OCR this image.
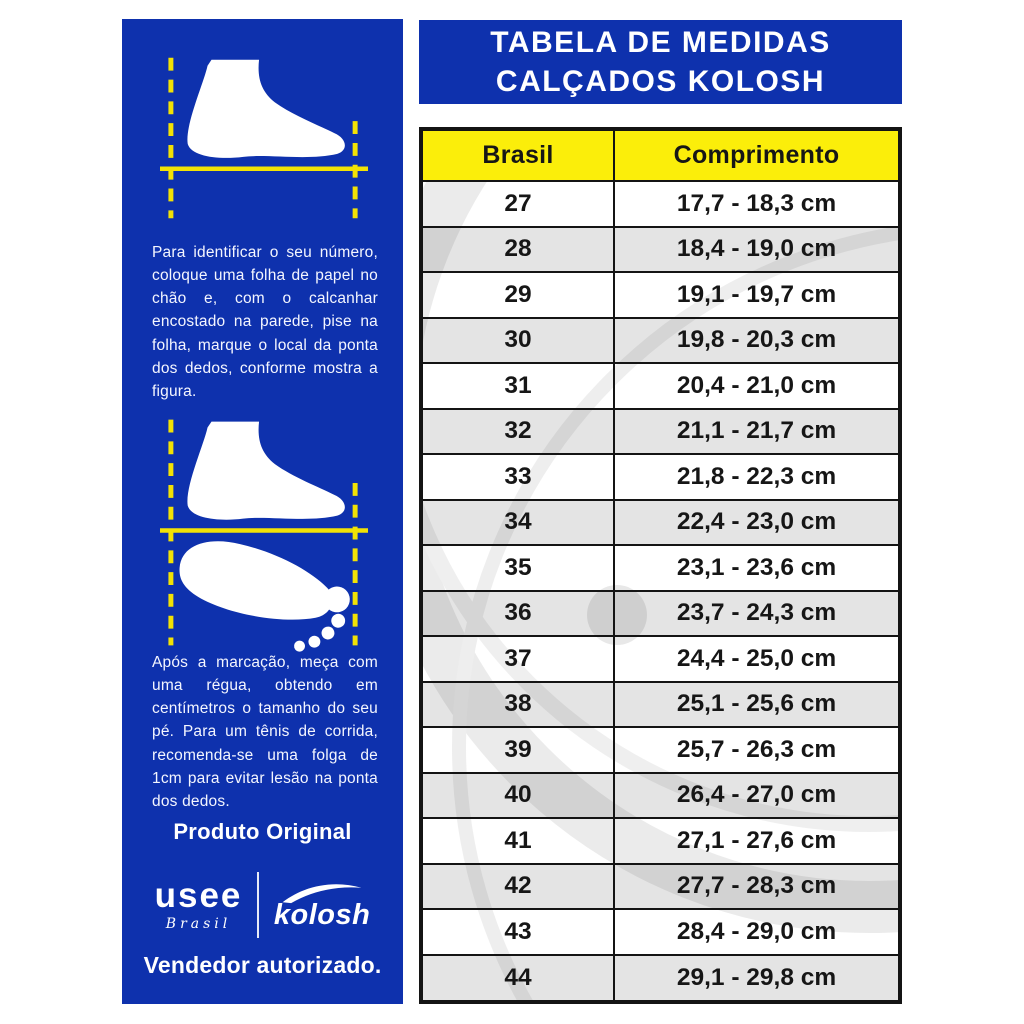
Para identificar o seu número, coloque uma folha de papel no chão e, com o calcanhar encostado na parede, pise na folha, marque o local da ponta dos dedos, conforme mostra a figura.

Após a marcação, meça com uma régua, obtendo em centímetros o tamanho do seu pé. Para um tênis de corrida, recomenda-se uma folga de 1cm para evitar lesão na ponta dos dedos.

Produto Original
usee
Brasil kolosh
Vendedor autorizado.
TABELA DE MEDIDAS
CALÇADOS KOLOSH
Brasil	Comprimento
27	17,7 - 18,3 cm
28	18,4 - 19,0 cm
29	19,1 - 19,7 cm
30	19,8 - 20,3 cm
31	20,4 - 21,0 cm
32	21,1 - 21,7 cm
33	21,8 - 22,3 cm
34	22,4 - 23,0 cm
35	23,1 - 23,6 cm
36	23,7 - 24,3 cm
37	24,4 - 25,0 cm
38	25,1 - 25,6 cm
39	25,7 - 26,3 cm
40	26,4 - 27,0 cm
41	27,1 - 27,6 cm
42	27,7 - 28,3 cm
43	28,4 - 29,0 cm
44	29,1 - 29,8 cm
